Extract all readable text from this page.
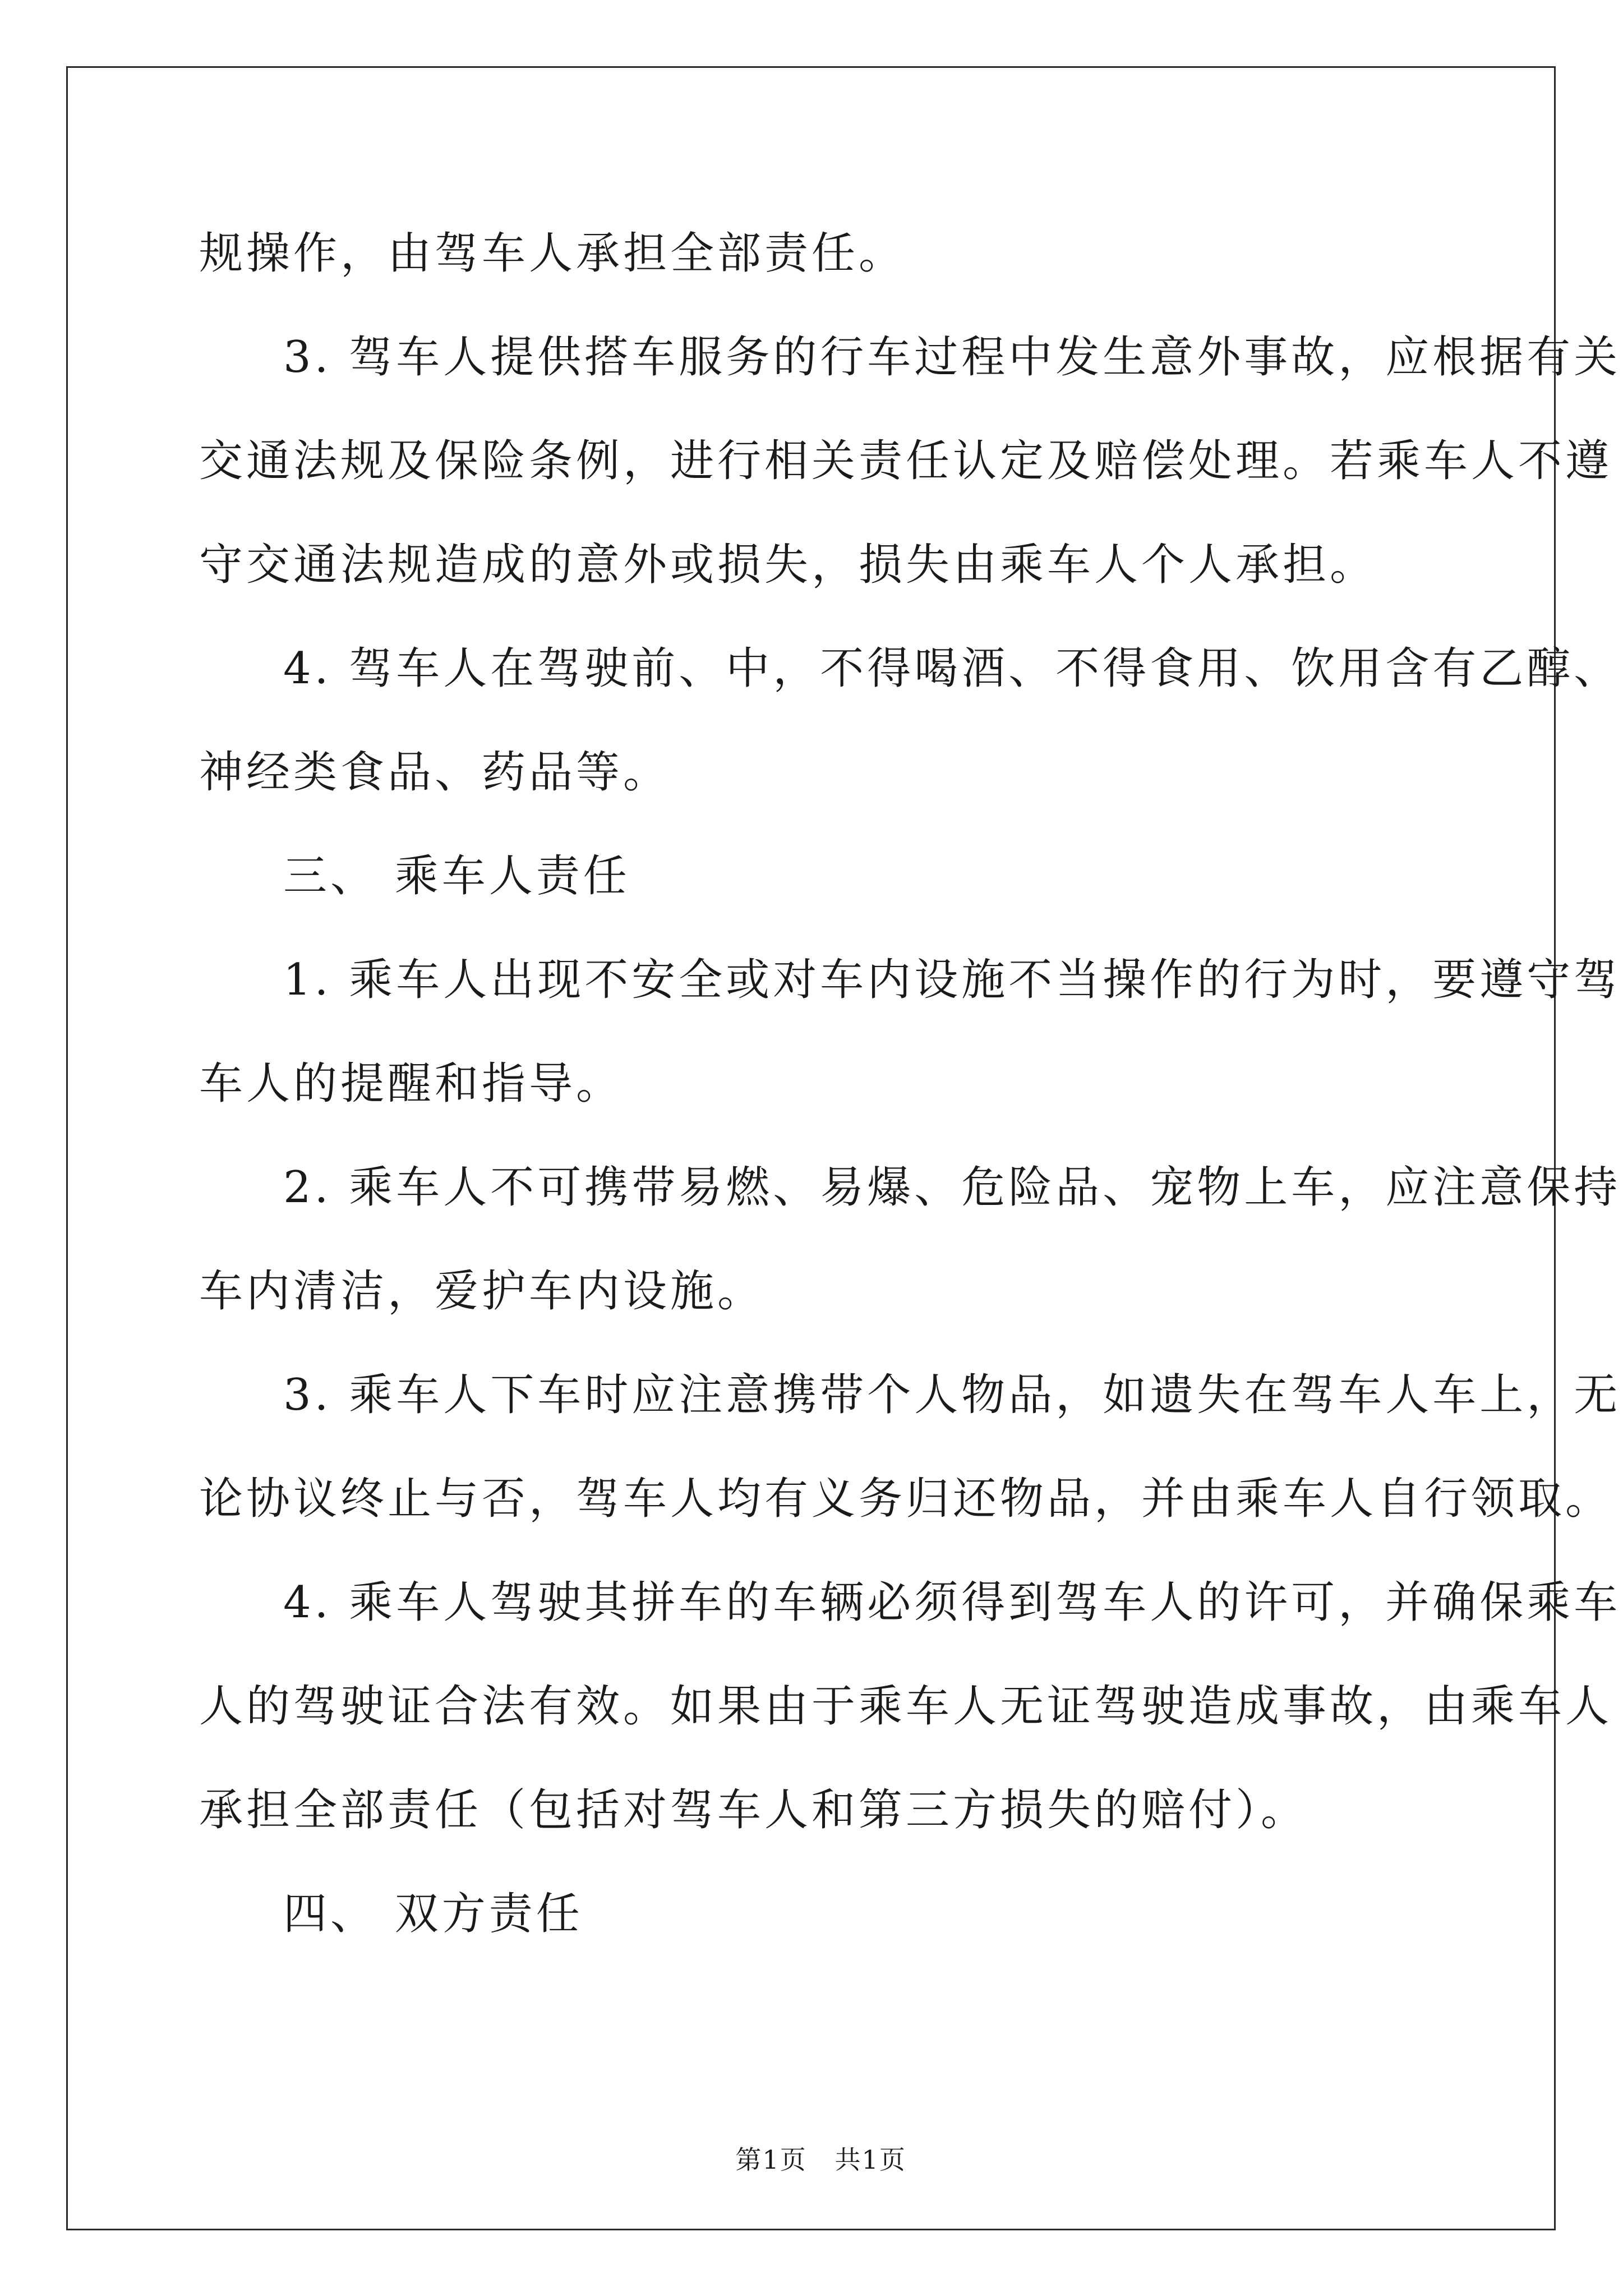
规操作，由驾车人承担全部责任。
3. 驾车人提供搭车服务的行车过程中发生意外事故，应根据有关
交通法规及保险条例，进行相关责任认定及赔偿处理。若乘车人不遵
守交通法规造成的意外或损失，损失由乘车人个人承担。
4. 驾车人在驾驶前、中，不得喝酒、不得食用、饮用含有乙醇、
神经类食品、药品等。
三、 乘车人责任
1. 乘车人出现不安全或对车内设施不当操作的行为时，要遵守驾
车人的提醒和指导。
2. 乘车人不可携带易燃、易爆、危险品、宠物上车，应注意保持
车内清洁，爱护车内设施。
3. 乘车人下车时应注意携带个人物品，如遗失在驾车人车上，无
论协议终止与否，驾车人均有义务归还物品，并由乘车人自行领取。
4. 乘车人驾驶其拼车的车辆必须得到驾车人的许可，并确保乘车
人的驾驶证合法有效。如果由于乘车人无证驾驶造成事故，由乘车人
承担全部责任（包括对驾车人和第三方损失的赔付）。
四、 双方责任

第1页   共1页
